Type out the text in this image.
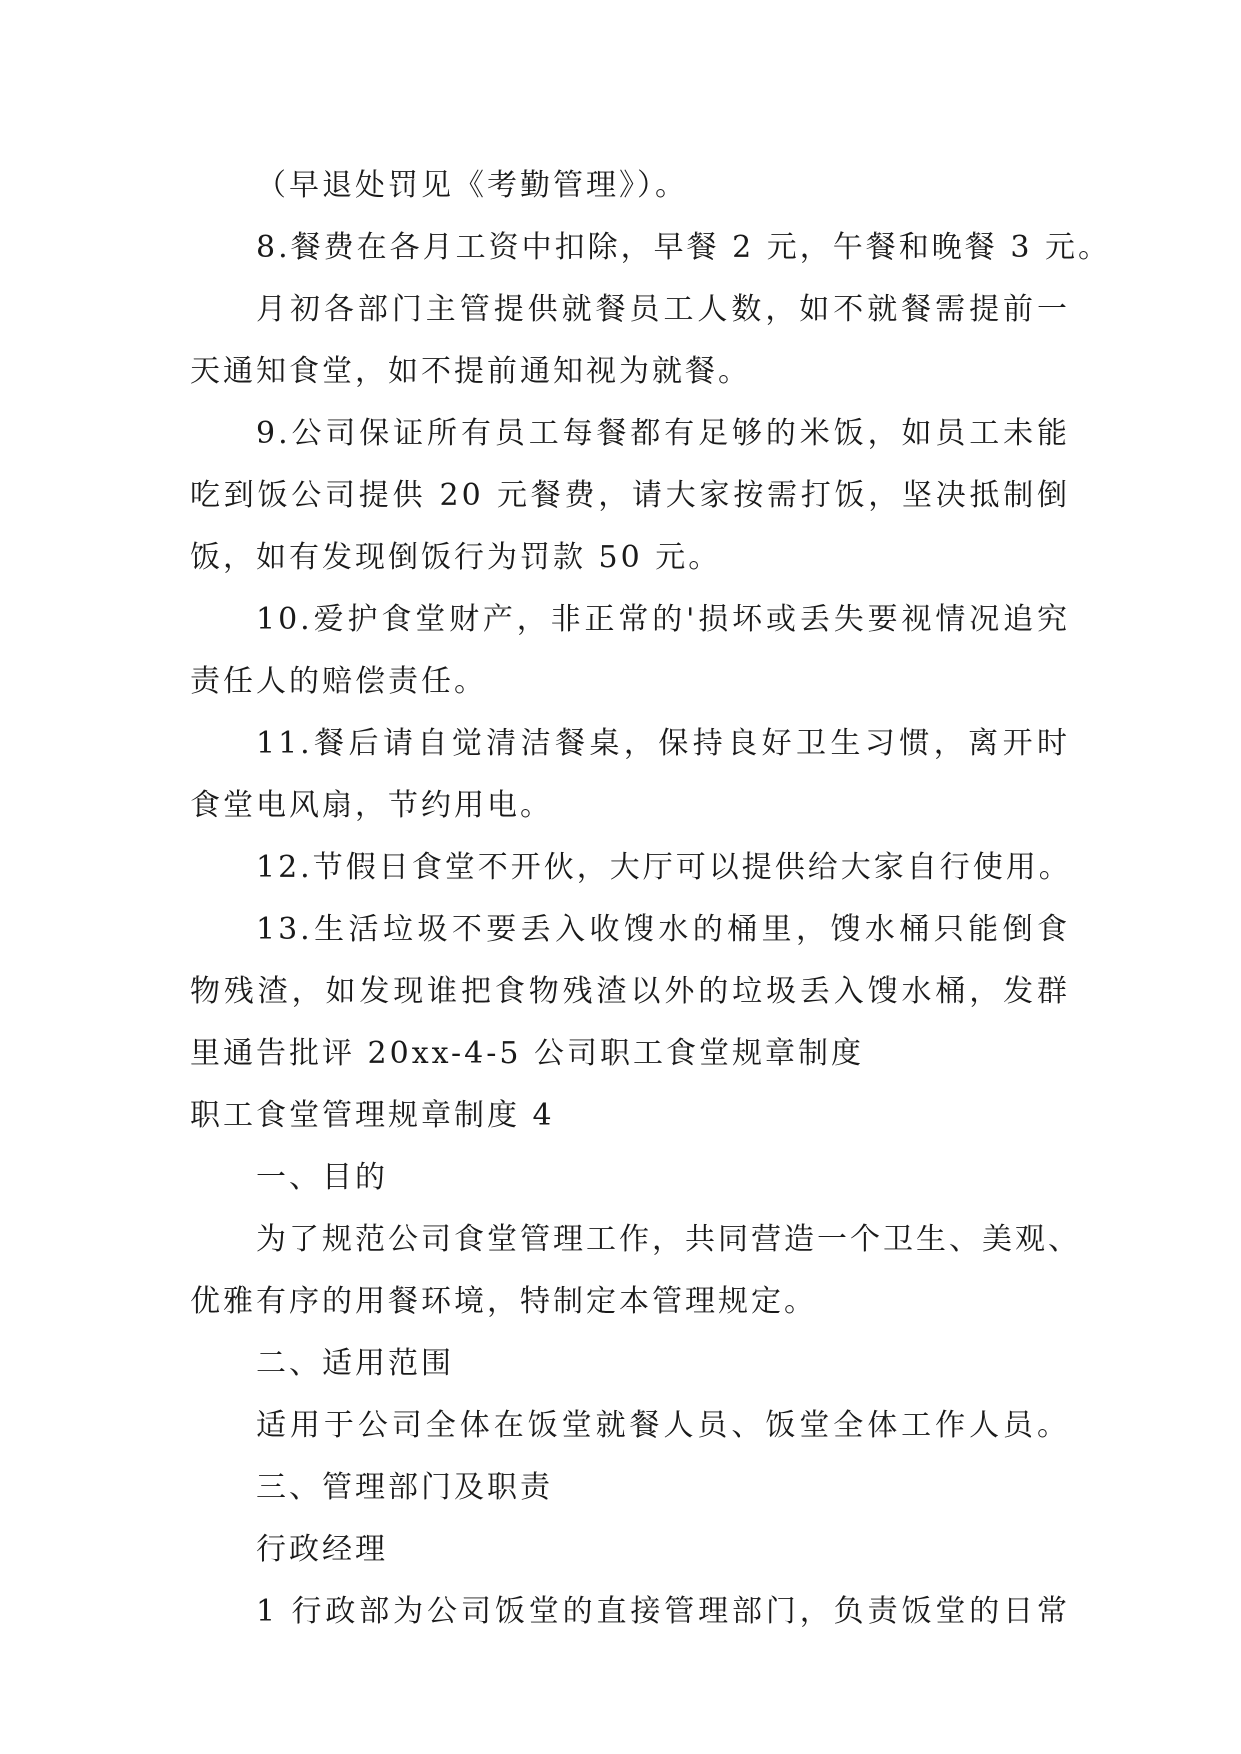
（早退处罚见《考勤管理》）。
8.餐费在各月工资中扣除，早餐 2 元，午餐和晚餐 3 元。
月初各部门主管提供就餐员工人数，如不就餐需提前一
天通知食堂，如不提前通知视为就餐。
9.公司保证所有员工每餐都有足够的米饭，如员工未能
吃到饭公司提供 20 元餐费，请大家按需打饭，坚决抵制倒
饭，如有发现倒饭行为罚款 50 元。
10.爱护食堂财产，非正常的'损坏或丢失要视情况追究
责任人的赔偿责任。
11.餐后请自觉清洁餐桌，保持良好卫生习惯，离开时
食堂电风扇，节约用电。
12.节假日食堂不开伙，大厅可以提供给大家自行使用。
13.生活垃圾不要丢入收馊水的桶里，馊水桶只能倒食
物残渣，如发现谁把食物残渣以外的垃圾丢入馊水桶，发群
里通告批评 20xx-4-5 公司职工食堂规章制度
职工食堂管理规章制度 4
一、目的
为了规范公司食堂管理工作，共同营造一个卫生、美观、
优雅有序的用餐环境，特制定本管理规定。
二、适用范围
适用于公司全体在饭堂就餐人员、饭堂全体工作人员。
三、管理部门及职责
行政经理
1 行政部为公司饭堂的直接管理部门，负责饭堂的日常
